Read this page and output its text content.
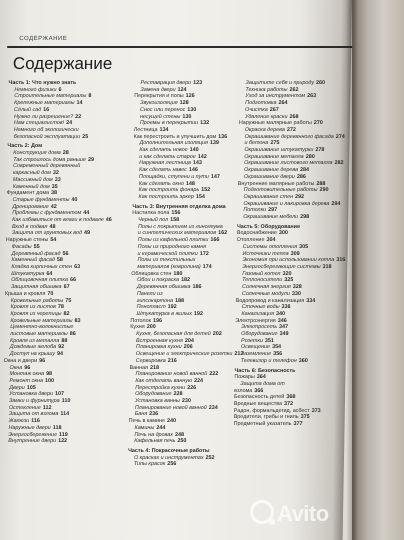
СОДЕРЖАНИЕ
Содержание
Часть 1: Что нужно знать
Немного физики 6
Строительные материалы 8
Крепежные материалы 14
Сёлый сад 16
Нужно ли разрешение? 22
Нам специалистов! 24
Немного об экологически
безопасной эксплуатации 25
Часть 2: Дом
Конструкция дома 28
Так строилось дома раньше 29
Современный деревянный
каркасный дом 32
Массивный дом 33
Каменный дом 35
Фундамент дома 38
Старые фундаменты 40
Дренирование 42
Проблемы с фундаментом 44
Как избавиться от влаги в подвале 46
Вход в подвал 48
Защита от грунтовых вод 49
Наружные стены 54
Фасады 55
Деревянный фасад 56
Каменный фасад 58
Кладка кирпичных стен 63
Штукатурка 64
Облицовочная плитка 66
Защитная обшивка 67
Крыша и кровля 70
Кровельные работы 75
Кровля из листов 78
Кровля из черепицы 82
Кровельные материалы 83
Цементно-волокнистые
листовые материалы 86
Кровля из металла 88
Дождевые желоба 92
Доступ на крышу 94
Окна и двери 96
Окна 96
Монтаж окна 98
Ремонт окна 100
Двери 105
Установка двери 107
Замки и фурнитура 110
Остекление 112
Защита от взлома 114
Жалюзи 116
Наружные двери 118
Энергосбережение 119
Внутренние двери 122
Реставрация двери 123
Замена двери 124
Перекрытия и полы 126
Звукоизоляция 128
Снос или перенос 130
несущей стены 130
Проемы в перекрытии 132
Лестница 134
Как перестроить и улучшить дом 136
Дополнительная изоляция 139
Как сделать новое 140
и как сделать старое 142
Наружная лестница 143
Как сделать навес 146
Площадки, ступени и пути 147
Как сделать окно 148
Как построить фонарь 152
Как построить эркер 154
Часть 3: Внутренняя отделка дома
Настилка пола 156
Черный пол 158
Полы с покрытием из линолеума
и синтетических материалов 162
Полы из кафельной плитки 166
Полы из природного камня
и керамической плитки 172
Полы из текстильных
материалов (ковролина) 174
Облицовка стен 180
Обои и покраска 182
Деревянная обшивка 186
Панели из
гипсокартона 188
Пенопласт 192
Штукатурка в жилых 192
Потолок 196
Кухня 200
Кухня, безопасная для детей 202
Встроенная кухня 204
Планировка кухни 206
Освещение и электрические розетки 212
Сервировка 216
Ванная 218
Планирование новой ванной 222
Как отделать ванную 224
Перестройка кухни 226
Оборудование 228
Установка ванны 230
Планирование новой ванной 234
Баня 236
Печь в камине 240
Камины 244
Печь на дровах 248
Кафельная печь 250
Часть 4: Покрасочные работы
О красках и инструментах 252
Типы красок 256
Защитите себя и природу 260
Техника работы 262
Уход за инструментом 263
Подготовка 264
Очистка 267
Удаление краски 268
Наружные малярные работы 270
Окраска дерева 272
Окрашивание деревянного фасада 274
и бетона 275
Окрашивание штукатурки 278
Окрашивание металла 280
Окрашивание листового металла 282
Окрашивание дерева 284
Окрашивание двери 286
Внутренние малярные работы 288
Подготовительные работы 290
Окрашивание стен 292
Окрашивание и лакировка дерева 294
Потолки 297
Окрашивание мебели 298
Часть 5: Оборудование
Водоснабжение 300
Отопление 304
Системы отопления 305
Источники тепла 309
Экономия при использовании котла 316
Энергосберегающие системы 318
Газовый котел 320
Теплоносители 325
Солнечная энергия 328
Солнечные модули 330
Водопровод и канализация 334
Сточные воды 336
Канализация 340
Электроэнергия 346
Электросеть 347
Оборудование 349
Розетки 351
Освещение 354
Заземление 356
Телевизор и телефон 360
Часть 6: Безопасность
Пожары 364
Защита дома от
взлома 366
Безопасность детей 368
Вредные вещества 372
Радон, формальдегид, асбест 373
Вредители, грибы и гниль 375
Предметный указатель 377
Avito
